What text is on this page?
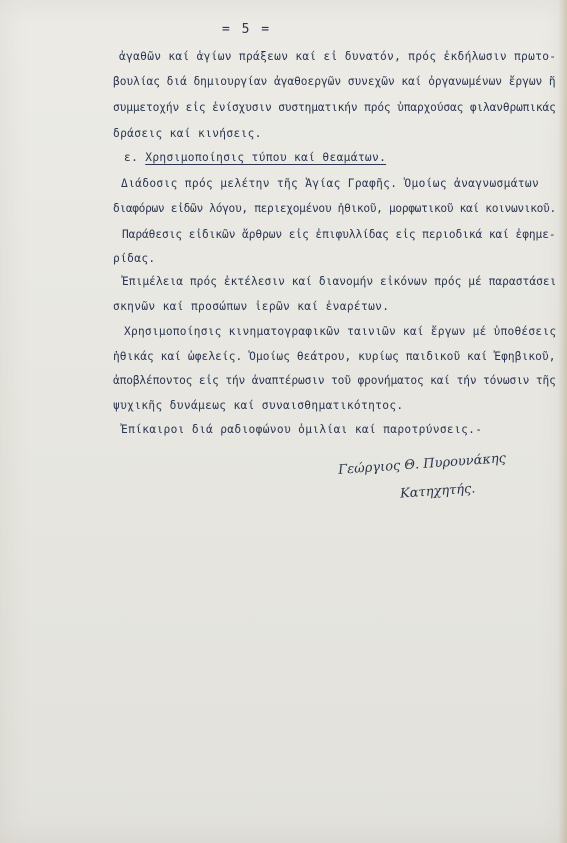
= 5 =
ἀγαθῶν καί ἁγίων πράξεων καί εἰ δυνατόν, πρός ἐκδήλωσιν πρωτο-
βουλίας διά δημιουργίαν ἀγαθοεργῶν συνεχῶν καί ὀργανωμένων ἔργων ἤ
συμμετοχήν εἰς ἐνίσχυσιν συστηματικήν πρός ὑπαρχούσας φιλανθρωπικάς
δράσεις καί κινήσεις.
ε. Χρησιμοποίησις τύπου καί θεαμάτων.
Διάδοσις πρός μελέτην τῆς Ἁγίας Γραφῆς. Ὁμοίως ἀναγνωσμάτων
διαφόρων εἰδῶν λόγου, περιεχομένου ἠθικοῦ, μορφωτικοῦ καί κοινωνικοῦ.
Παράθεσις εἰδικῶν ἄρθρων εἰς ἐπιφυλλίδας εἰς περιοδικά καί ἐφημε-
ρίδας.
Ἐπιμέλεια πρός ἐκτέλεσιν καί διανομήν εἰκόνων πρός μέ παραστάσει
σκηνῶν καί προσώπων ἱερῶν καί ἐναρέτων.
Χρησιμοποίησις κινηματογραφικῶν ταινιῶν καί ἔργων μέ ὑποθέσεις
ἠθικάς καί ὠφελείς. Ὁμοίως θεάτρου, κυρίως παιδικοῦ καί Ἐφηβικοῦ,
ἀποβλέποντος εἰς τήν ἀναπτέρωσιν τοῦ φρονήματος καί τήν τόνωσιν τῆς
ψυχικῆς δυνάμεως καί συναισθηματικότητος.
Ἐπίκαιροι διά ραδιοφώνου ὁμιλίαι καί παροτρύνσεις.-
Γεώργιος Θ. Πυρουνάκης
Κατηχητής.
